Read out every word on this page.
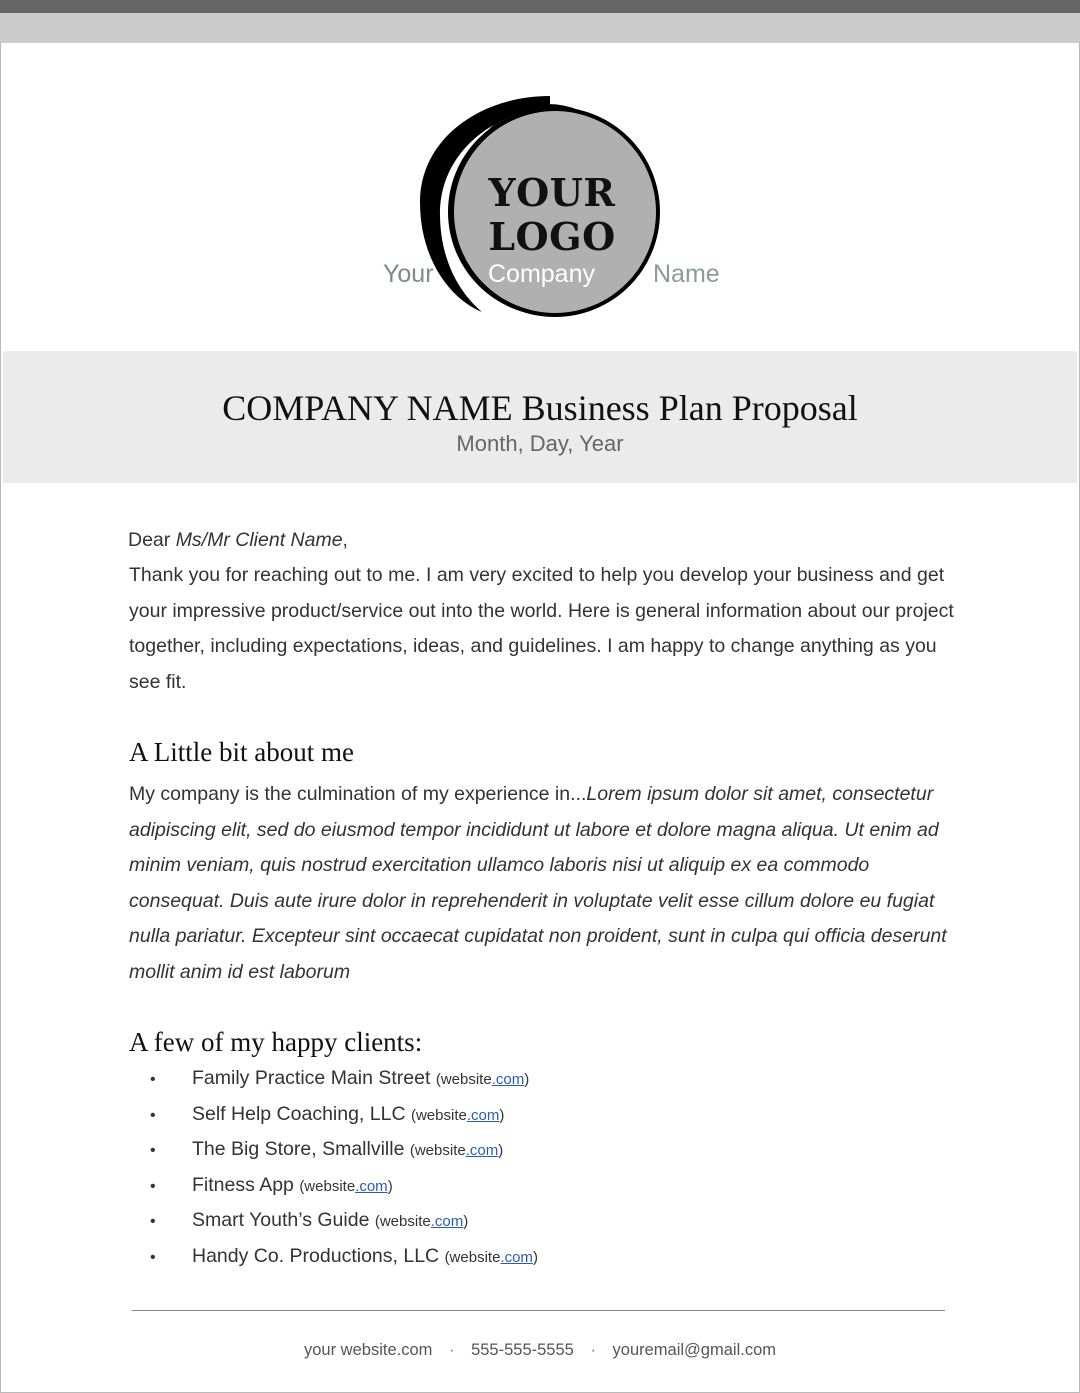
YOUR
LOGO
Your Company Name
COMPANY NAME Business Plan Proposal
Month, Day, Year
Dear Ms/Mr Client Name,
Thank you for reaching out to me. I am very excited to help you develop your business and get your impressive product/service out into the world. Here is general information about our project together, including expectations, ideas, and guidelines. I am happy to change anything as you see fit.
A Little bit about me
My company is the culmination of my experience in...Lorem ipsum dolor sit amet, consectetur adipiscing elit, sed do eiusmod tempor incididunt ut labore et dolore magna aliqua. Ut enim ad minim veniam, quis nostrud exercitation ullamco laboris nisi ut aliquip ex ea commodo consequat. Duis aute irure dolor in reprehenderit in voluptate velit esse cillum dolore eu fugiat nulla pariatur. Excepteur sint occaecat cupidatat non proident, sunt in culpa qui officia deserunt mollit anim id est laborum
A few of my happy clients:
• Family Practice Main Street (website.com)
• Self Help Coaching, LLC (website.com)
• The Big Store, Smallville (website.com)
• Fitness App (website.com)
• Smart Youth’s Guide (website.com)
• Handy Co. Productions, LLC (website.com)
your website.com · 555-555-5555 · youremail@gmail.com
